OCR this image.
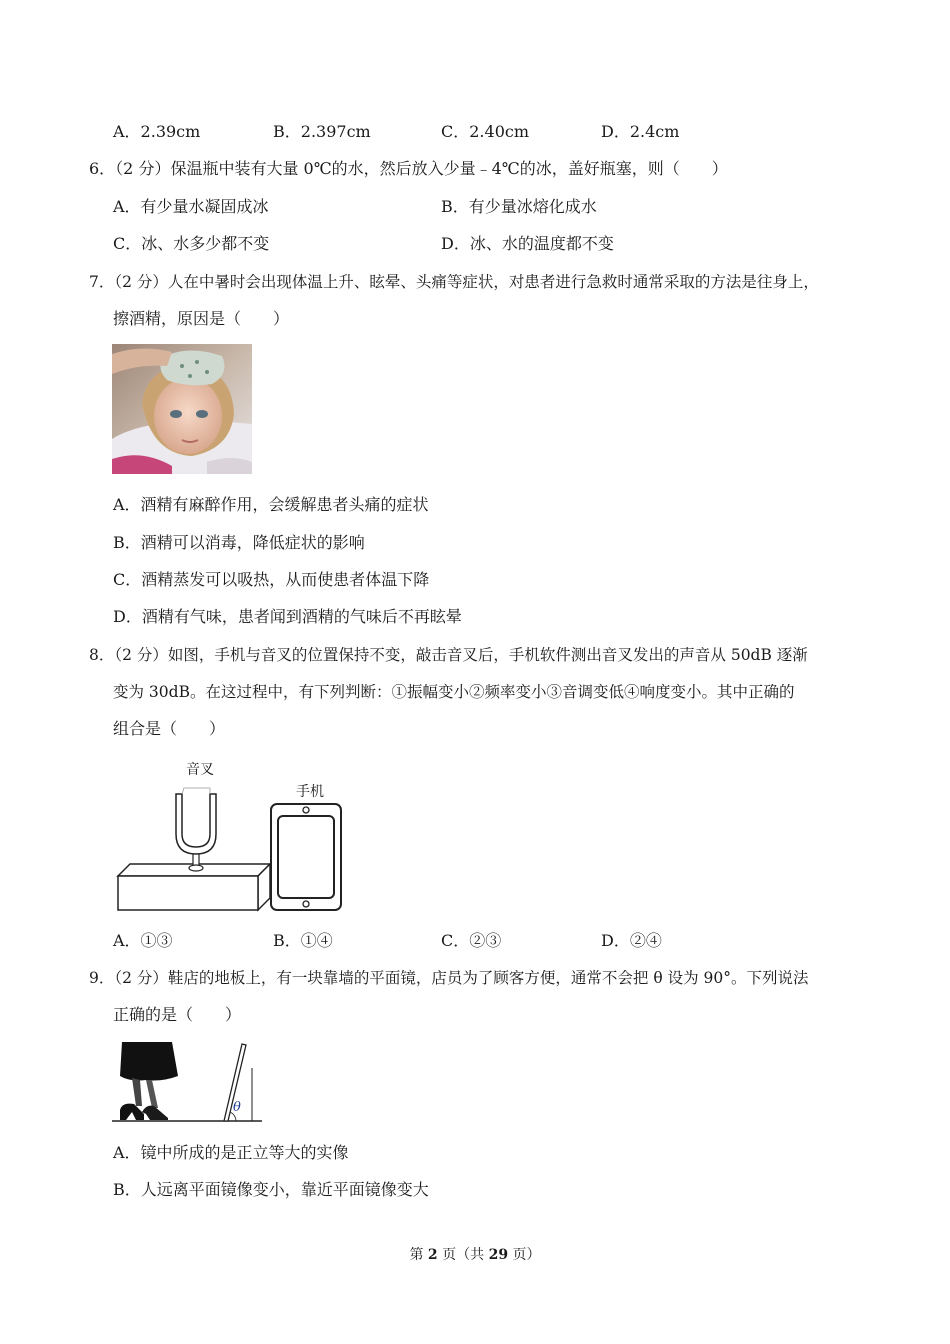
A．2.39cm	B．2.397cm	C．2.40cm	D．2.4cm
6．（2 分）保温瓶中装有大量 0℃的水，然后放入少量﹣4℃的冰，盖好瓶塞，则（　　）
A．有少量水凝固成冰	B．有少量冰熔化成水
C．冰、水多少都不变	D．冰、水的温度都不变
7．（2 分）人在中暑时会出现体温上升、眩晕、头痛等症状，对患者进行急救时通常采取的方法是往身上，
擦酒精，原因是（　　）
A．酒精有麻醉作用，会缓解患者头痛的症状
B．酒精可以消毒，降低症状的影响
C．酒精蒸发可以吸热，从而使患者体温下降
D．酒精有气味，患者闻到酒精的气味后不再眩晕
8．（2 分）如图，手机与音叉的位置保持不变，敲击音叉后，手机软件测出音叉发出的声音从 50dB 逐渐
变为 30dB。在这过程中，有下列判断：①振幅变小②频率变小③音调变低④响度变小。其中正确的
组合是（　　）
音叉
手机
A．①③	B．①④	C．②③	D．②④
9．（2 分）鞋店的地板上，有一块靠墙的平面镜，店员为了顾客方便，通常不会把 θ 设为 90°。下列说法
正确的是（　　）
θ
A．镜中所成的是正立等大的实像
B．人远离平面镜像变小，靠近平面镜像变大
第 2 页（共 29 页）
